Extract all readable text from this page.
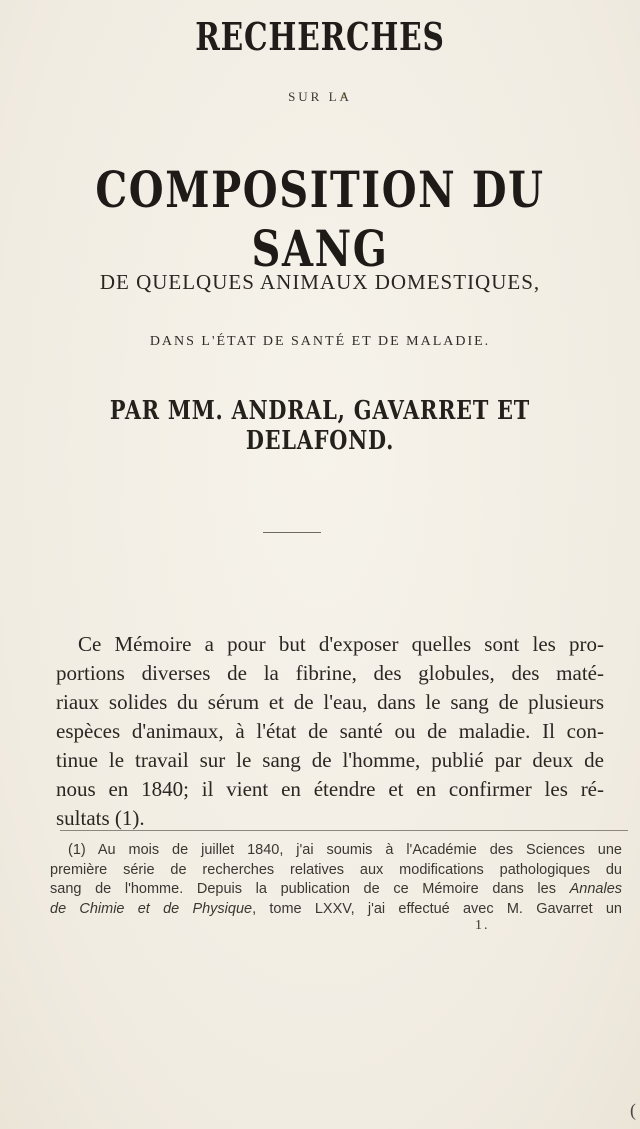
RECHERCHES
SUR LA
COMPOSITION DU SANG
DE QUELQUES ANIMAUX DOMESTIQUES,
DANS L'ÉTAT DE SANTÉ ET DE MALADIE.
PAR MM. ANDRAL, GAVARRET ET DELAFOND.
Ce Mémoire a pour but d'exposer quelles sont les pro-
portions diverses de la fibrine, des globules, des maté-
riaux solides du sérum et de l'eau, dans le sang de plusieurs
espèces d'animaux, à l'état de santé ou de maladie. Il con-
tinue le travail sur le sang de l'homme, publié par deux de
nous en 1840; il vient en étendre et en confirmer les ré-
sultats (1).
(1) Au mois de juillet 1840, j'ai soumis à l'Académie des Sciences une
première série de recherches relatives aux modifications pathologiques du
sang de l'homme. Depuis la publication de ce Mémoire dans les Annales
de Chimie et de Physique, tome LXXV, j'ai effectué avec M. Gavarret un
1.
(
